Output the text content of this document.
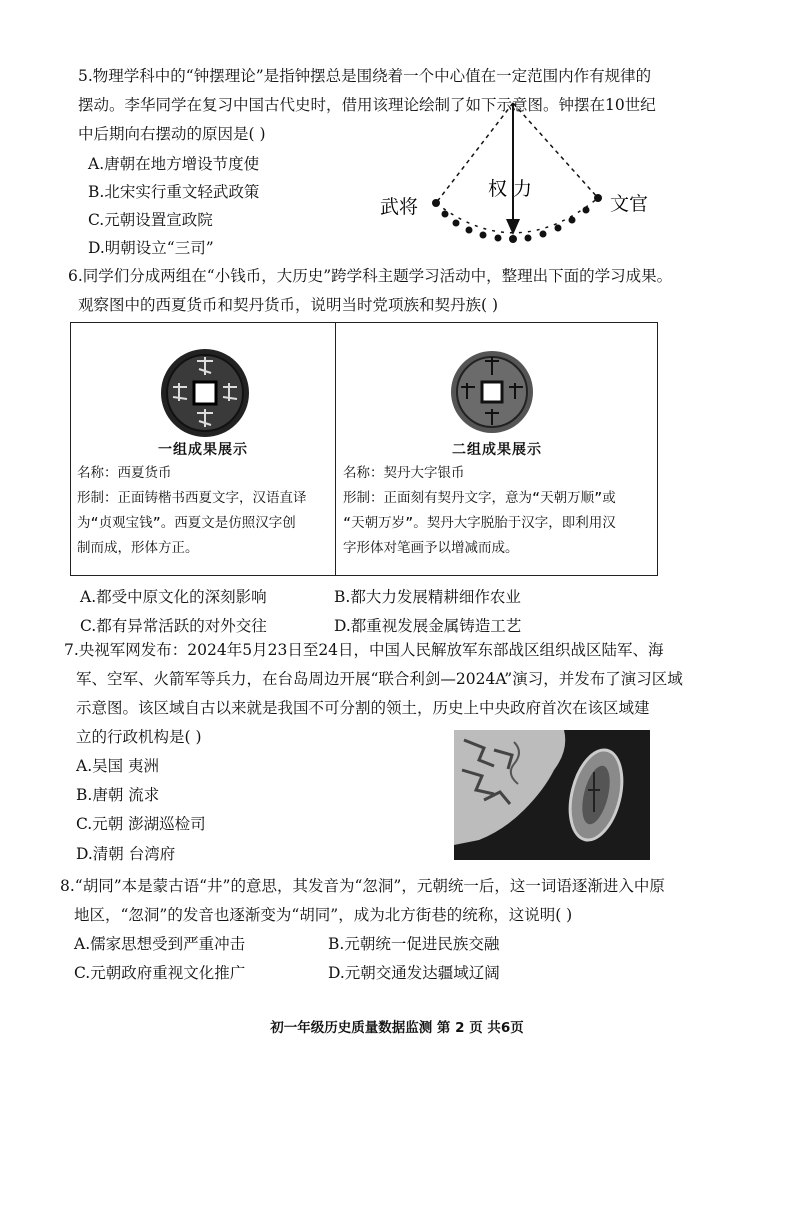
5.物理学科中的“钟摆理论”是指钟摆总是围绕着一个中心值在一定范围内作有规律的
摆动。李华同学在复习中国古代史时，借用该理论绘制了如下示意图。钟摆在10世纪
中后期向右摆动的原因是( )
A.唐朝在地方增设节度使
B.北宋实行重文轻武政策
C.元朝设置宣政院
D.明朝设立“三司”
武将
权 力
文官
6.同学们分成两组在“小钱币，大历史”跨学科主题学习活动中，整理出下面的学习成果。
观察图中的西夏货币和契丹货币，说明当时党项族和契丹族( )
一组成果展示
名称：西夏货币
形制：正面铸楷书西夏文字，汉语直译
为“贞观宝钱”。西夏文是仿照汉字创
制而成，形体方正。
二组成果展示
名称：契丹大字银币
形制：正面刻有契丹文字，意为“天朝万顺”或
“天朝万岁”。契丹大字脱胎于汉字，即利用汉
字形体对笔画予以增减而成。
A.都受中原文化的深刻影响	B.都大力发展精耕细作农业
C.都有异常活跃的对外交往	D.都重视发展金属铸造工艺
7.央视军网发布：2024年5月23日至24日，中国人民解放军东部战区组织战区陆军、海
军、空军、火箭军等兵力，在台岛周边开展“联合利剑—2024A”演习，并发布了演习区域
示意图。该区域自古以来就是我国不可分割的领土，历史上中央政府首次在该区域建
立的行政机构是( )
A.吴国 夷洲
B.唐朝 流求
C.元朝 澎湖巡检司
D.清朝 台湾府
8.“胡同”本是蒙古语“井”的意思，其发音为“忽洞”，元朝统一后，这一词语逐渐进入中原
地区，“忽洞”的发音也逐渐变为“胡同”，成为北方街巷的统称，这说明( )
A.儒家思想受到严重冲击	B.元朝统一促进民族交融
C.元朝政府重视文化推广	D.元朝交通发达疆域辽阔
初一年级历史质量数据监测 第 2 页 共6页
